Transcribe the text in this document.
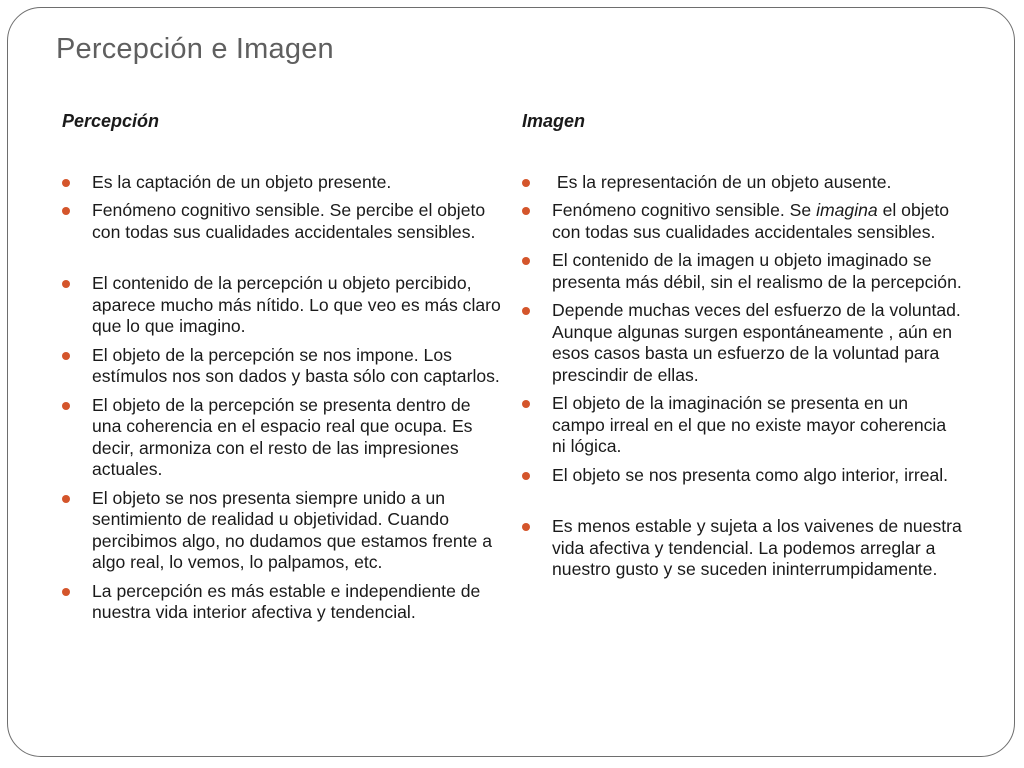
Percepción e Imagen
Percepción
Es la captación de un objeto presente.
Fenómeno cognitivo sensible. Se percibe el objeto con todas sus cualidades accidentales sensibles.
El contenido de la percepción u objeto percibido, aparece mucho más nítido. Lo que veo es más claro que lo que imagino.
El objeto de la percepción se nos impone. Los estímulos nos son dados y basta sólo con captarlos.
El objeto de la percepción se presenta dentro de una coherencia en el espacio real que ocupa. Es decir, armoniza con el resto de las impresiones actuales.
El objeto se nos presenta siempre unido a un sentimiento de realidad u objetividad. Cuando percibimos algo, no dudamos que estamos frente a algo real, lo vemos, lo palpamos, etc.
La percepción es más estable e independiente de nuestra vida interior afectiva y tendencial.
Imagen
Es la representación de un objeto ausente.
Fenómeno cognitivo sensible. Se imagina el objeto con todas sus cualidades accidentales sensibles.
El contenido de la imagen u objeto imaginado se presenta más débil, sin el realismo de la percepción.
Depende muchas veces del esfuerzo de la voluntad. Aunque algunas surgen espontáneamente , aún en esos casos basta un esfuerzo de la voluntad para prescindir de ellas.
El objeto de la imaginación se presenta en un campo irreal en el que no existe mayor coherencia ni lógica.
El objeto se nos presenta como algo interior, irreal.
Es menos estable y sujeta a los vaivenes de nuestra vida afectiva y tendencial. La podemos arreglar a nuestro gusto y se suceden ininterrumpidamente.
